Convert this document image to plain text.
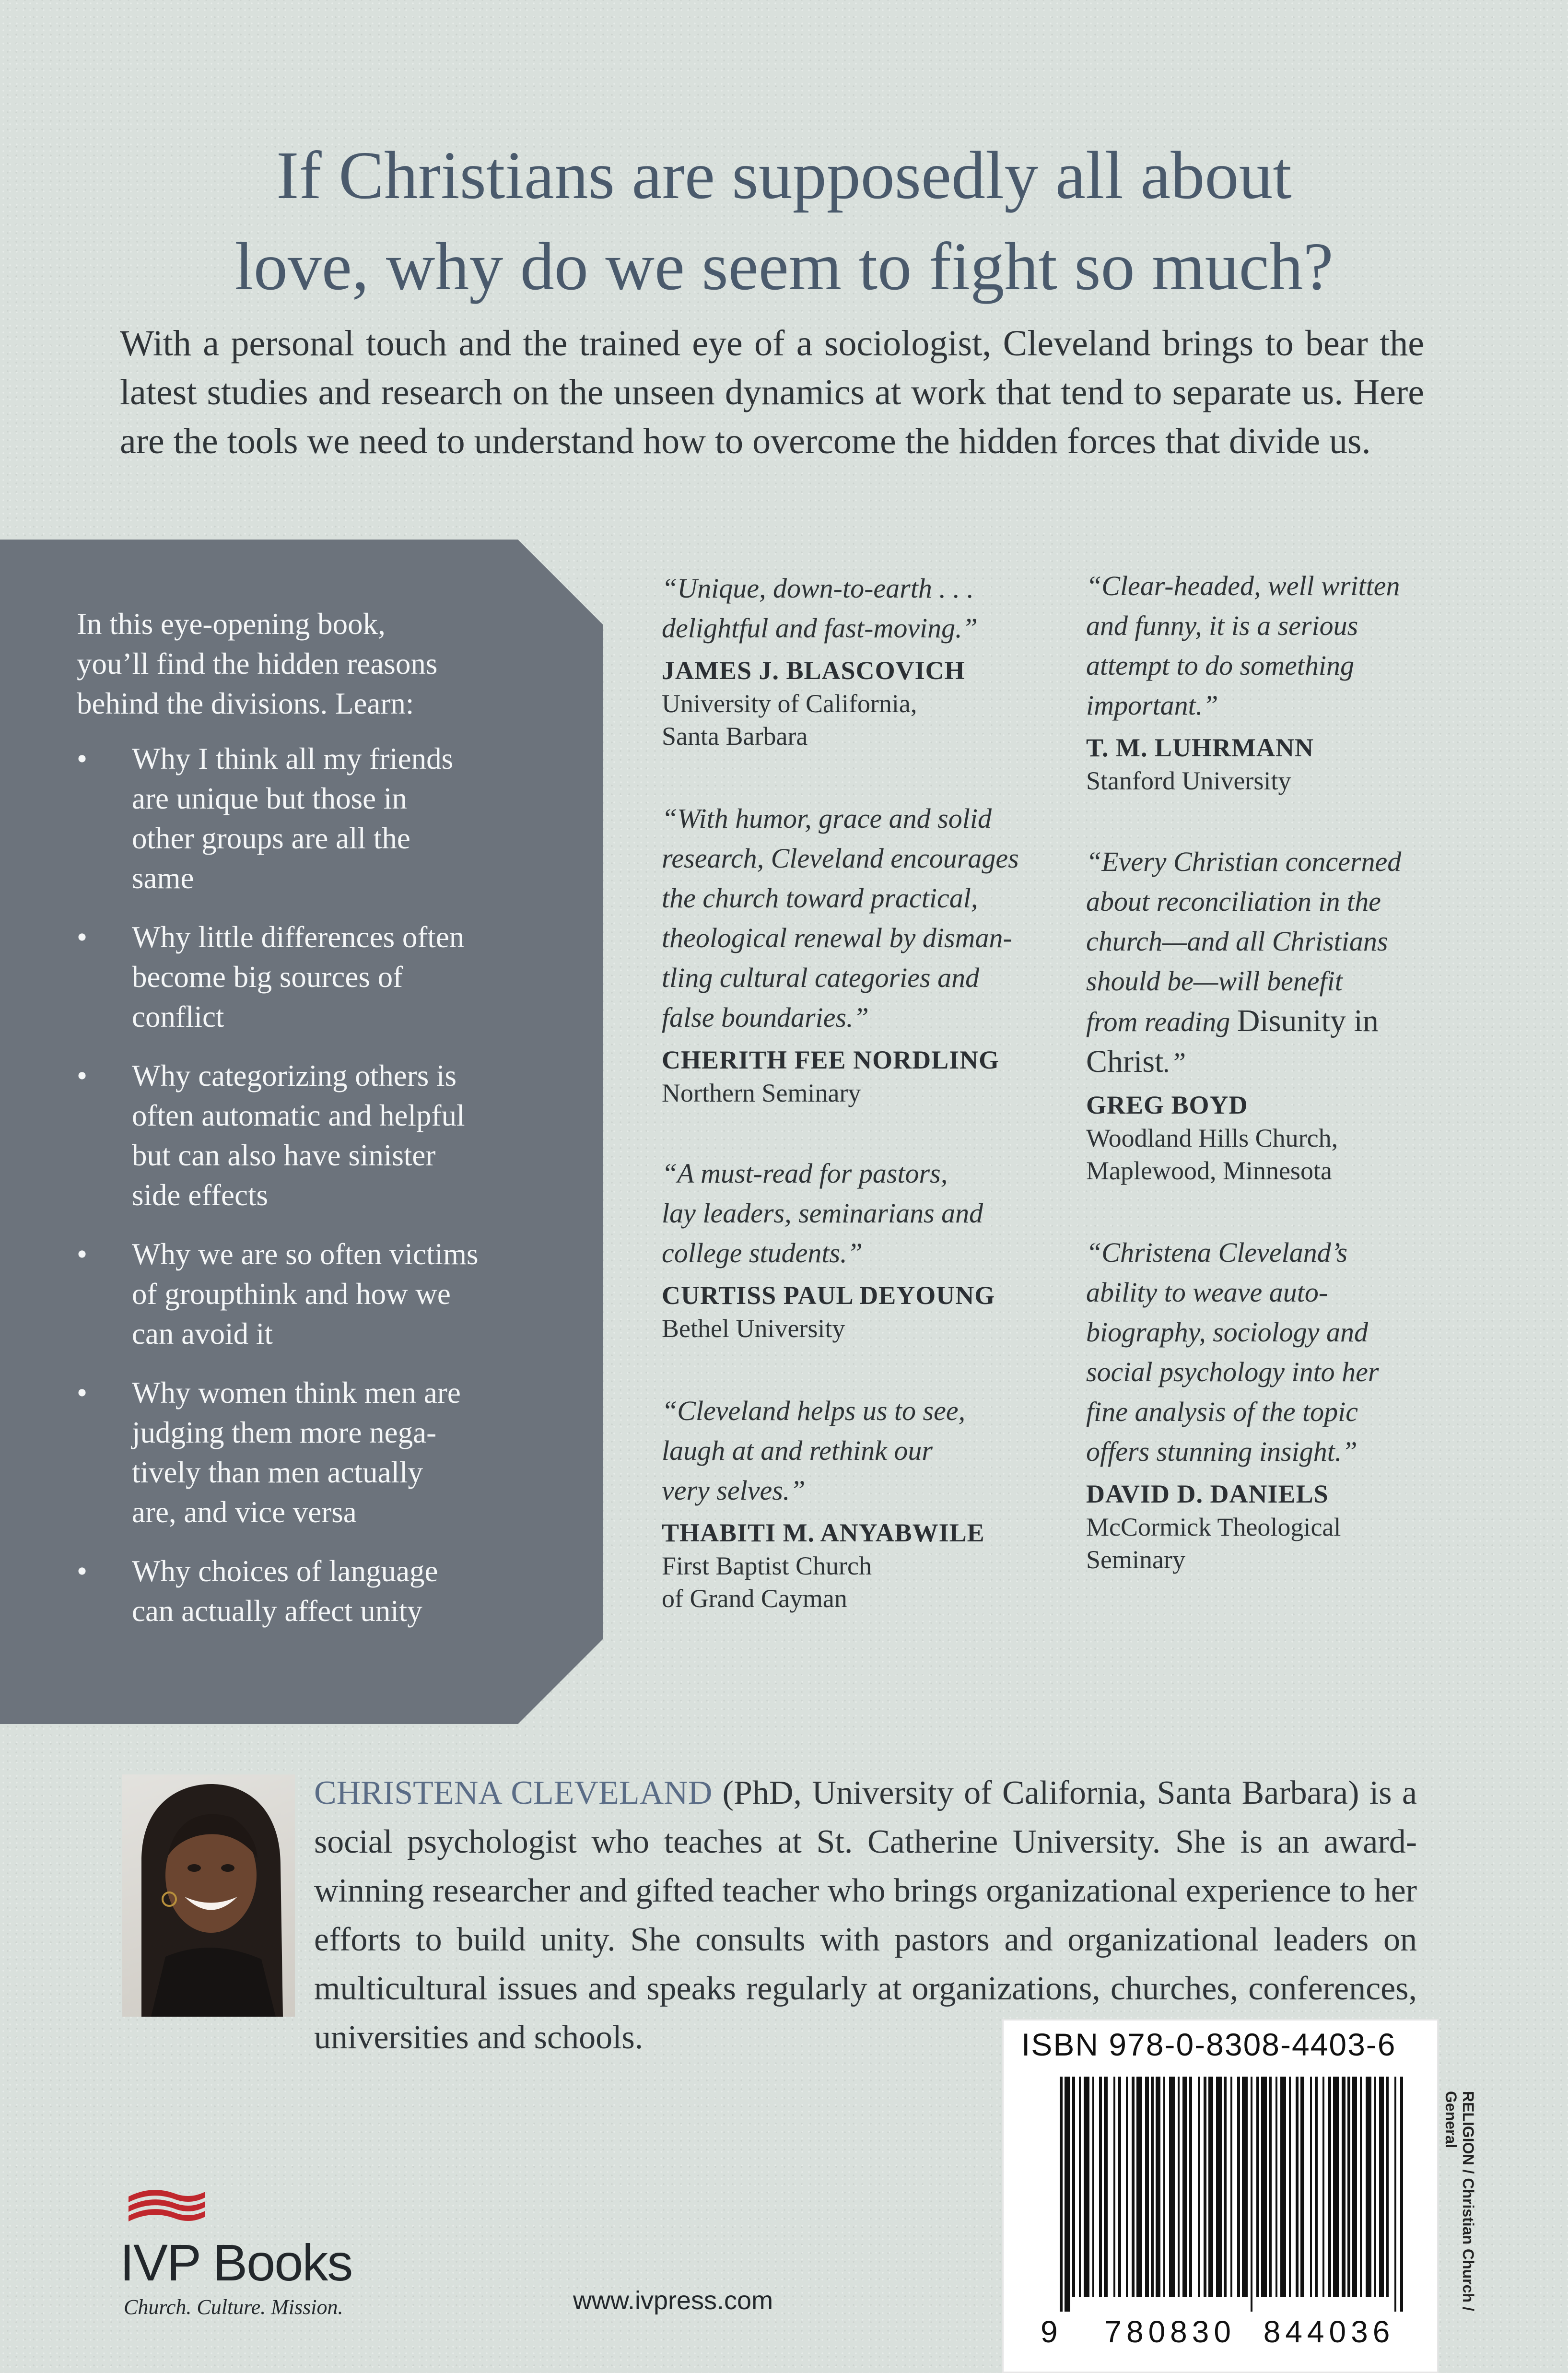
If Christians are supposedly all about
love, why do we seem to fight so much?
With a personal touch and the trained eye of a sociologist, Cleveland brings to bear the latest studies and research on the unseen dynamics at work that tend to separate us. Here are the tools we need to understand how to overcome the hidden forces that divide us.
In this eye-opening book,
you’ll find the hidden reasons
behind the divisions. Learn:
• Why I think all my friends
are unique but those in
other groups are all the
same
• Why little differences often
become big sources of
conflict
• Why categorizing others is
often automatic and helpful
but can also have sinister
side effects
• Why we are so often victims
of groupthink and how we
can avoid it
• Why women think men are
judging them more nega-
tively than men actually
are, and vice versa
• Why choices of language
can actually affect unity
“Unique, down-to-earth . . .
delightful and fast-moving.”
JAMES J. BLASCOVICH
University of California,
Santa Barbara
“With humor, grace and solid
research, Cleveland encourages
the church toward practical,
theological renewal by disman-
tling cultural categories and
false boundaries.”
CHERITH FEE NORDLING
Northern Seminary
“A must-read for pastors,
lay leaders, seminarians and
college students.”
CURTISS PAUL DEYOUNG
Bethel University
“Cleveland helps us to see,
laugh at and rethink our
very selves.”
THABITI M. ANYABWILE
First Baptist Church
of Grand Cayman
“Clear-headed, well written
and funny, it is a serious
attempt to do something
important.”
T. M. LUHRMANN
Stanford University
“Every Christian concerned
about reconciliation in the
church—and all Christians
should be—will benefit
from reading Disunity in
Christ.”
GREG BOYD
Woodland Hills Church,
Maplewood, Minnesota
“Christena Cleveland’s
ability to weave auto-
biography, sociology and
social psychology into her
fine analysis of the topic
offers stunning insight.”
DAVID D. DANIELS
McCormick Theological
Seminary
CHRISTENA CLEVELAND (PhD, University of California, Santa Barbara) is a social psychologist who teaches at St. Catherine University. She is an award-winning researcher and gifted teacher who brings organizational experience to her efforts to build unity. She consults with pastors and organizational leaders on multicultural issues and speaks regularly at organizations, churches, conferences, universities and schools.	ISBN 978-0-8308-4403-6
9 780830 844036
RELIGION / Christian Church / General
IVP Books
Church. Culture. Mission.	www.ivpress.com
